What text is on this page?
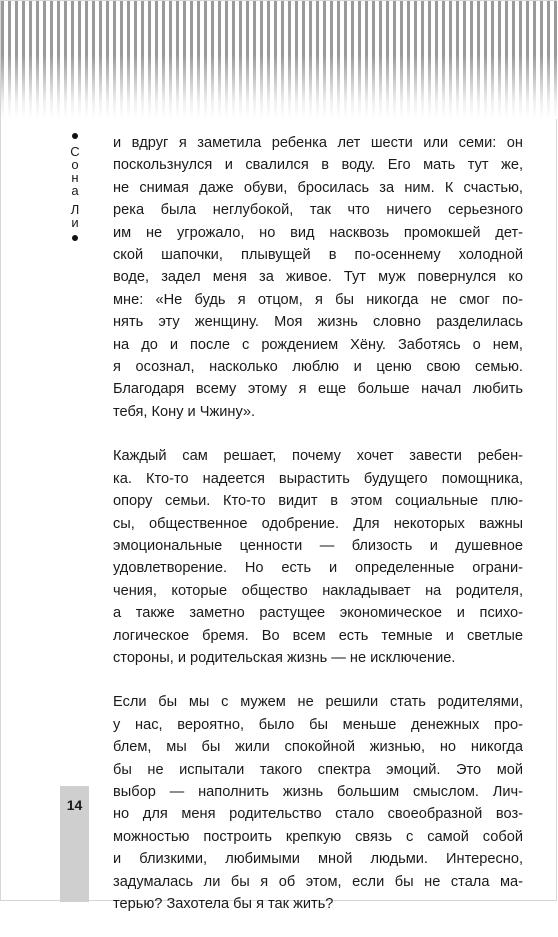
С
о
н
а
Л
и
и вдруг я заметила ребенка лет шести или семи: он
поскользнулся и свалился в воду. Его мать тут же,
не снимая даже обуви, бросилась за ним. К счастью,
река была неглубокой, так что ничего серьезного
им не угрожало, но вид насквозь промокшей дет-
ской шапочки, плывущей в по-осеннему холодной
воде, задел меня за живое. Тут муж повернулся ко
мне: «Не будь я отцом, я бы никогда не смог по-
нять эту женщину. Моя жизнь словно разделилась
на до и после с рождением Хёну. Заботясь о нем,
я осознал, насколько люблю и ценю свою семью.
Благодаря всему этому я еще больше начал любить
тебя, Кону и Чжину».
Каждый сам решает, почему хочет завести ребен-
ка. Кто-то надеется вырастить будущего помощника,
опору семьи. Кто-то видит в этом социальные плю-
сы, общественное одобрение. Для некоторых важны
эмоциональные ценности — близость и душевное
удовлетворение. Но есть и определенные ограни-
чения, которые общество накладывает на родителя,
а также заметно растущее экономическое и психо-
логическое бремя. Во всем есть темные и светлые
стороны, и родительская жизнь — не исключение.
Если бы мы с мужем не решили стать родителями,
у нас, вероятно, было бы меньше денежных про-
блем, мы бы жили спокойной жизнью, но никогда
бы не испытали такого спектра эмоций. Это мой
выбор — наполнить жизнь большим смыслом. Лич-
но для меня родительство стало своеобразной воз-
можностью построить крепкую связь с самой собой
и близкими, любимыми мной людьми. Интересно,
задумалась ли бы я об этом, если бы не стала ма-
терью? Захотела бы я так жить?
14
